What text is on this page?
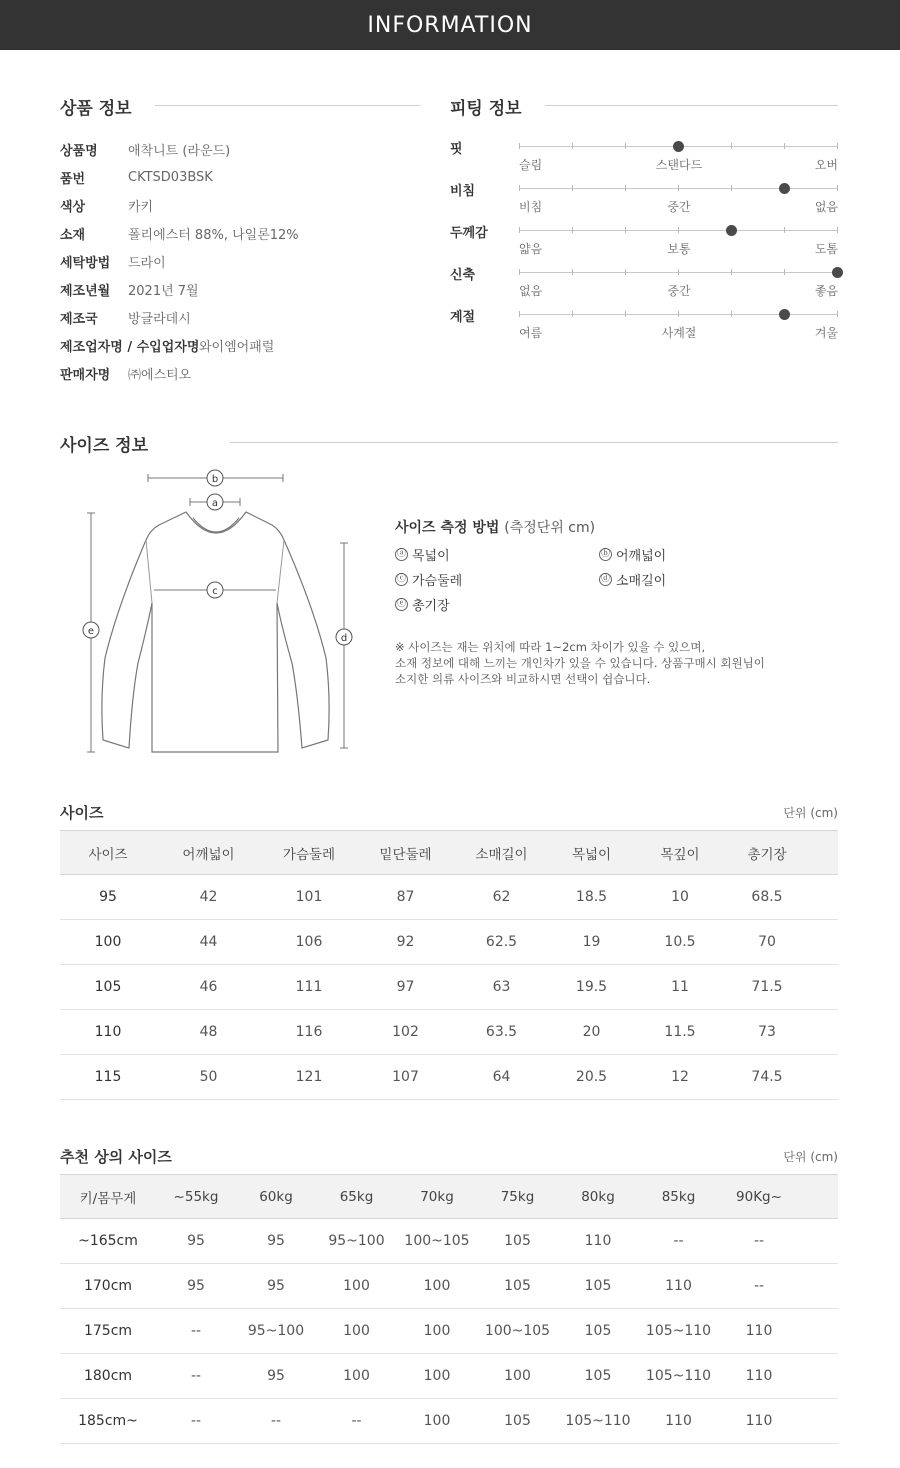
INFORMATION
상품 정보
상품명 애착니트 (라운드)
품번	CKTSD03BSK
색상	카키
소재	폴리에스터 88%, 나일론12%
세탁방법 드라이
제조년월 2021년 7월
제조국 방글라데시
제조업자명 / 수입업자명 와이엠어패럴
판매자명 ㈜에스티오
피팅 정보
핏
슬림	스탠다드	오버
비침
비침	중간	없음
두께감
얇음	보통	도톰
신축
없음	중간	좋음
계절
여름	사계절	겨울
사이즈 정보
b
a
c
e
d
사이즈 측정 방법 (측정단위 cm)
ⓐ 목넓이	ⓑ 어깨넓이
ⓒ 가슴둘레	ⓓ 소매길이
ⓔ 총기장
※ 사이즈는 재는 위치에 따라 1~2cm 차이가 있을 수 있으며,
소재 정보에 대해 느끼는 개인차가 있을 수 있습니다. 상품구매시 회원님이
소지한 의류 사이즈와 비교하시면 선택이 쉽습니다.
사이즈	단위 (cm)
사이즈	어깨넓이	가슴둘레	밑단둘레	소매길이	목넓이	목깊이	총기장
95	42	101	87	62	18.5	10	68.5
100	44	106	92	62.5	19	10.5	70
105	46	111	97	63	19.5	11	71.5
110	48	116	102	63.5	20	11.5	73
115	50	121	107	64	20.5	12	74.5
추천 상의 사이즈	단위 (cm)
키/몸무게	~55kg	60kg	65kg	70kg	75kg	80kg	85kg	90Kg~
~165cm	95	95	95~100	100~105	105	110	--	--
170cm	95	95	100	100	105	105	110	--
175cm	--	95~100	100	100	100~105	105	105~110	110
180cm	--	95	100	100	100	105	105~110	110
185cm~	--	--	--	100	105	105~110	110	110
